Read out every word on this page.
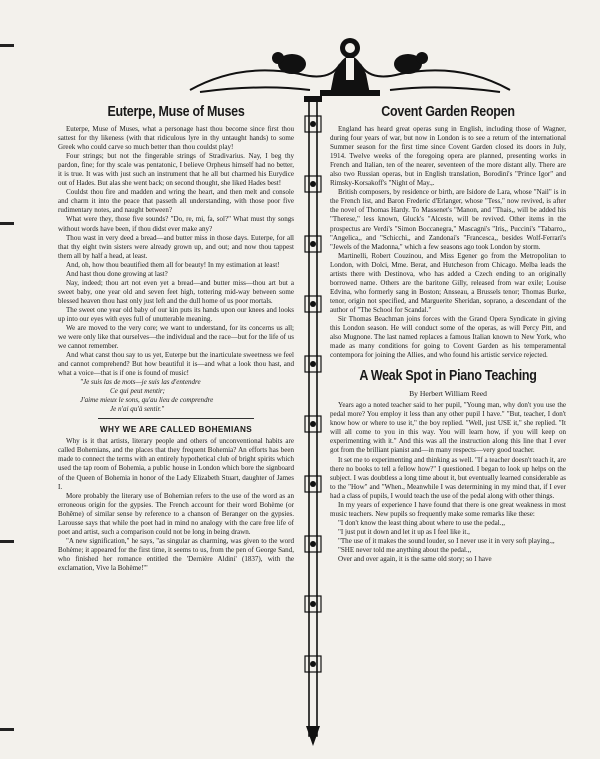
Euterpe, Muse of Muses

Euterpe, Muse of Muses, what a personage hast thou become since first thou sattest for thy likeness (with that ridiculous lyre in thy untaught hands) to some Greek who could carve so much better than thou couldst play!

Four strings; but not the fingerable strings of Stradivarius. Nay, I beg thy pardon, fine; for thy scale was pentatonic, I believe Orpheus himself had no better, it is true. It was with just such an instrument that he all but charmed his Eurydice out of Hades. But alas she went back; on second thought, she liked Hades best!

Couldst thou fire and madden and wring the heart, and then melt and console and charm it into the peace that passeth all understanding, with those poor five rudimentary notes, and naught between?

What were they, those five sounds? "Do, re, mi, fa, sol?" What must thy songs without words have been, if thou didst ever make any?

Thou wast in very deed a bread—and butter miss in those days. Euterpe, for all that thy eight twin sisters were already grown up, and out; and now thou tappest them all by half a head, at least.

And, oh, how thou beautified them all for beauty! In my estimation at least!

And hast thou done growing at last?

Nay, indeed; thou art not even yet a bread—and butter miss—thou art but a sweet baby, one year old and seven feet high, tottering mid-way between some blessed heaven thou hast only just left and the dull home of us poor mortals.

The sweet one year old baby of our kin puts its hands upon our knees and looks up into our eyes with eyes full of unutterable meaning.

We are moved to the very core; we want to understand, for its concerns us all; we were only like that ourselves—the individual and the race—but for the life of us we cannot remember.

And what canst thou say to us yet, Euterpe but the inarticulate sweetness we feel and cannot comprehend? But how beautiful it is—and what a look thou hast, and what a voice—that is if one is found of music!

"Je suis las de mots—je suis las d'entendre
Ce qui peut mentir;
J'aime mieux le sons, qu'au lieu de comprendre
Je n'ai qu'à sentir."
WHY WE ARE CALLED BOHEMIANS

Why is it that artists, literary people and others of unconventional habits are called Bohemians, and the places that they frequent Bohemia? An efforts has been made to connect the terms with an entirely hypothetical club of bright spirits which used the tap room of Bohemia, a public house in London which bore the signboard of the Queen of Bohemia in honor of the Lady Elizabeth Stuart, daughter of James I.

More probably the literary use of Bohemian refers to the use of the word as an erroneous origin for the gypsies. The French account for their word Bohème (or Bohême) of similar sense by reference to a chanson of Beranger on the gypsies. Larousse says that while the poet had in mind no analogy with the care free life of poet and artist, such a comparison could not be long in being drawn.

"A new signification," he says, "as singular as charming, was given to the word Bohème; it appeared for the first time, it seems to us, from the pen of George Sand, who finished her romance entitled the 'Dernière Aldini' (1837), with the exclamation, Vive la Bohème!'"

Covent Garden Reopen

England has heard great operas sung in English, including those of Wagner, during four years of war, but now in London is to see a return of the international Summer season for the first time since Covent Garden closed its doors in July, 1914. Twelve weeks of the foregoing opera are planned, presenting works in French and Italian, ten of the nearer, seventeen of the more distant ally. There are also two Russian operas, but in English translation, Borodini's "Prince Igor" and Rimsky-Korsakoff's "Night of May.,.

British composers, by residence or birth, are Isidore de Lara, whose "Nail" is in the French list, and Baron Frederic d'Erlanger, whose "Tess," now revived, is after the novel of Thomas Hardy. To Massenet's "Manon, and "Thais,, will be added his "Therese," less known, Gluck's "Alceste, will be revived. Other items in the prospectus are Verdi's "Simon Boccanegra," Mascagni's "Iris,, Puccini's "Tabarro,, "Angelica,, and "Schicchi,, and Zandonai's "Francesca,, besides Wolf-Ferrari's "Jewels of the Madonna," which a few seasons ago took London by storm.

Martinelli, Robert Couzinou, and Miss Egener go from the Metropolitan to London, with Dolci, Mme. Berat, and Hutcheson from Chicago. Melba leads the artists there with Destinova, who has added a Czech ending to an originally borrowed name. Others are the baritone Gilly, released from war exile; Louise Edvina, who formerly sang in Boston; Ansseau, a Brussels tenor; Thomas Burke, tenor, origin not specified, and Marguerite Sheridan, soprano, a descendant of the author of "The School for Scandal."

Sir Thomas Beachman joins forces with the Grand Opera Syndicate in giving this London season. He will conduct some of the operas, as will Percy Pitt, and also Mugnone. The last named replaces a famous Italian known to New York, who made as many conditions for going to Covent Garden as his temperamental contempora for joining the Allies, and who found his artistic service rejected.

A Weak Spot in Piano Teaching
By Herbert William Reed

Years ago a noted teacher said to her pupil, "Young man, why don't you use the pedal more? You employ it less than any other pupil I have." "But, teacher, I don't know how or where to use it," the boy replied. "Well, just USE it," she replied. "It will all come to you in this way. You will learn how, if you will keep on experimenting with it." And this was all the instruction along this line that I ever got from the brilliant pianist and—in many respects—very good teacher.

It set me to experimenting and thinking as well. "If a teacher doesn't teach it, are there no books to tell a fellow how?" I questioned. I began to look up helps on the subject. I was doubtless a long time about it, but eventually learned considerable as to the "How" and "When., Meanwhile I was determining in my mind that, if I ever had a class of pupils, I would teach the use of the pedal along with other things.

In my years of experience I have found that there is one great weakness in most music teachers. New pupils so frequently make some remarks like these:

"I don't know the least thing about where to use the pedal.,,

"I just put it down and let it up as I feel like it.,

"The use of it makes the sound louder, so I never use it in very soft playing.,,

"SHE never told me anything about the pedal.,,

Over and over again, it is the same old story; so I have
